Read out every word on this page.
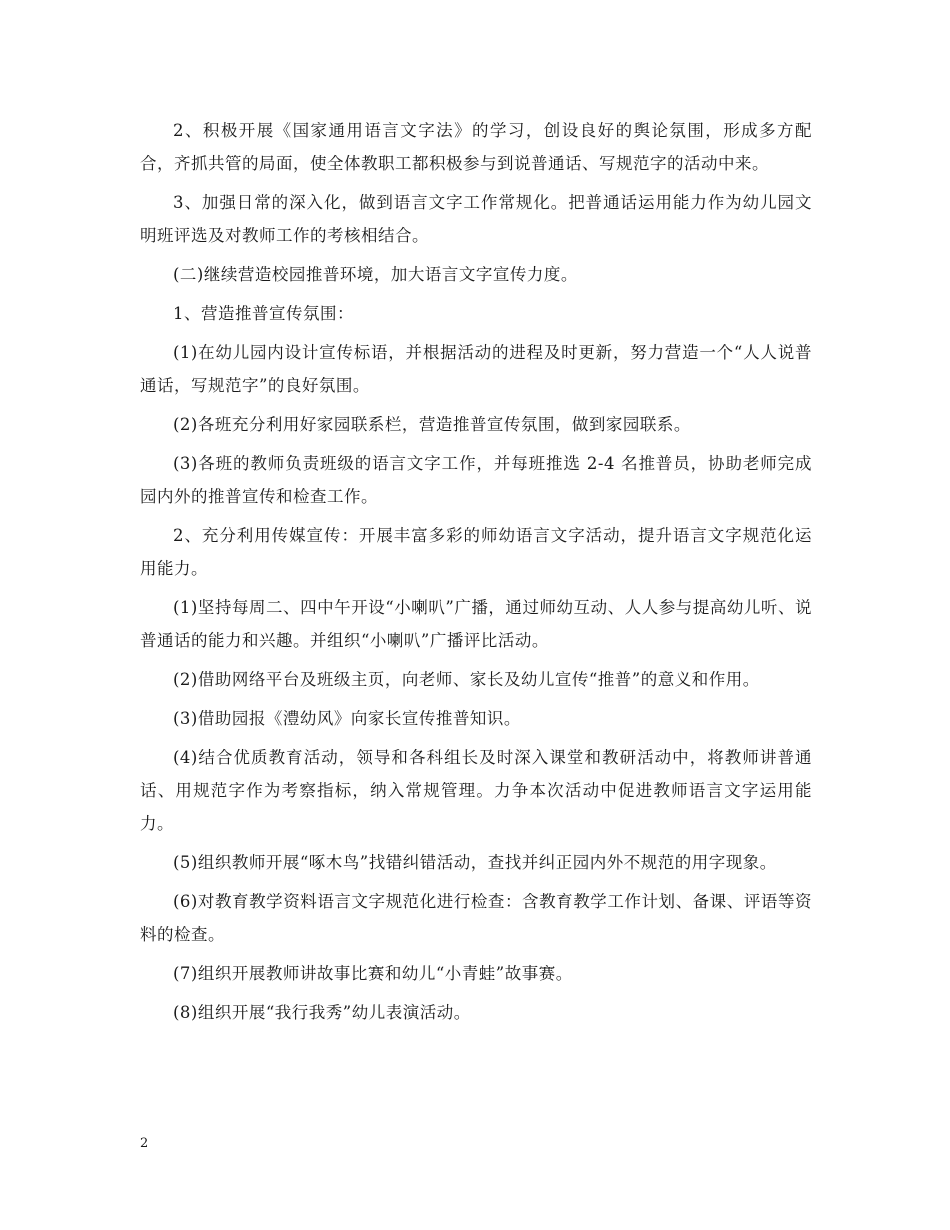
2、积极开展《国家通用语言文字法》的学习，创设良好的舆论氛围，形成多方配合，齐抓共管的局面，使全体教职工都积极参与到说普通话、写规范字的活动中来。

3、加强日常的深入化，做到语言文字工作常规化。把普通话运用能力作为幼儿园文明班评选及对教师工作的考核相结合。

(二)继续营造校园推普环境，加大语言文字宣传力度。

1、营造推普宣传氛围：

(1)在幼儿园内设计宣传标语，并根据活动的进程及时更新，努力营造一个“人人说普通话，写规范字”的良好氛围。

(2)各班充分利用好家园联系栏，营造推普宣传氛围，做到家园联系。

(3)各班的教师负责班级的语言文字工作，并每班推选 2-4 名推普员，协助老师完成园内外的推普宣传和检查工作。

2、充分利用传媒宣传：开展丰富多彩的师幼语言文字活动，提升语言文字规范化运用能力。

(1)坚持每周二、四中午开设“小喇叭”广播，通过师幼互动、人人参与提高幼儿听、说普通话的能力和兴趣。并组织“小喇叭”广播评比活动。

(2)借助网络平台及班级主页，向老师、家长及幼儿宣传“推普”的意义和作用。

(3)借助园报《澧幼风》向家长宣传推普知识。

(4)结合优质教育活动，领导和各科组长及时深入课堂和教研活动中，将教师讲普通话、用规范字作为考察指标，纳入常规管理。力争本次活动中促进教师语言文字运用能力。

(5)组织教师开展“啄木鸟”找错纠错活动，查找并纠正园内外不规范的用字现象。

(6)对教育教学资料语言文字规范化进行检查：含教育教学工作计划、备课、评语等资料的检查。

(7)组织开展教师讲故事比赛和幼儿“小青蛙”故事赛。

(8)组织开展“我行我秀”幼儿表演活动。

2
